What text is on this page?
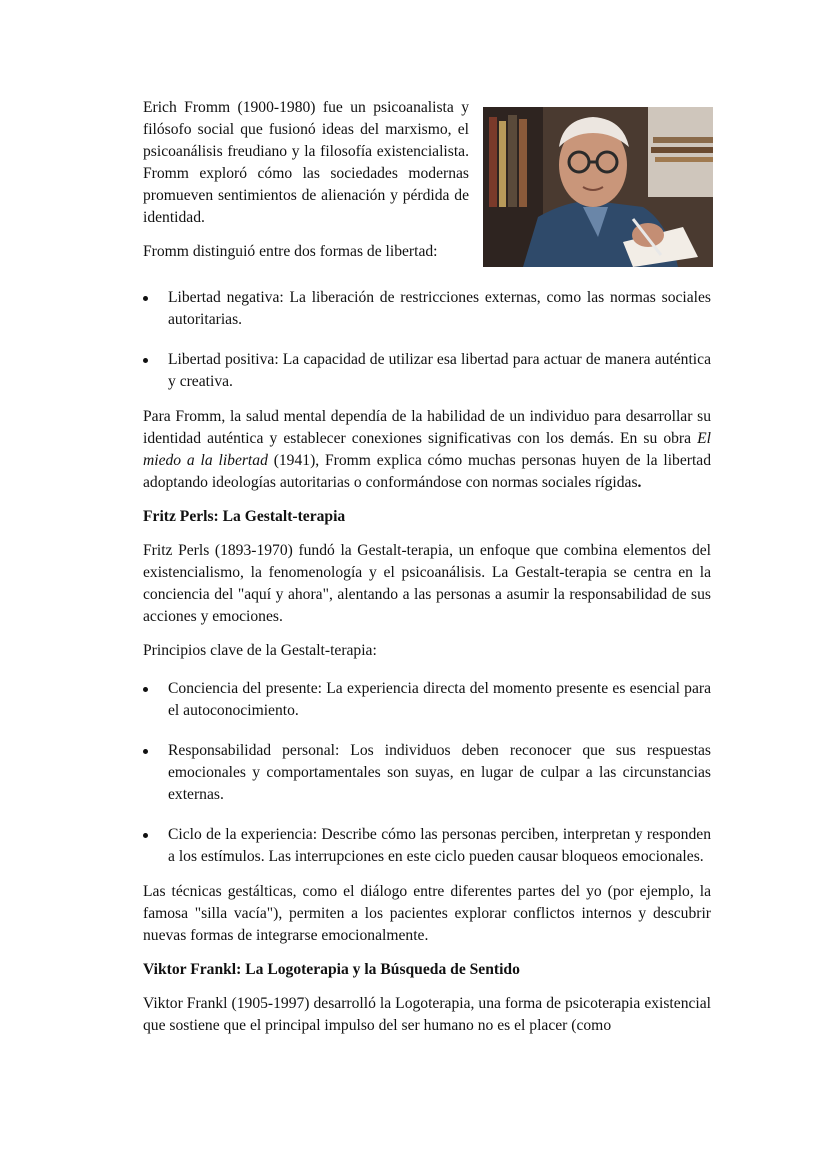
Erich Fromm (1900-1980) fue un psicoanalista y filósofo social que fusionó ideas del marxismo, el psicoanálisis freudiano y la filosofía existencialista. Fromm exploró cómo las sociedades modernas promueven sentimientos de alienación y pérdida de identidad.

Fromm distinguió entre dos formas de libertad:

Libertad negativa: La liberación de restricciones externas, como las normas sociales autoritarias.
Libertad positiva: La capacidad de utilizar esa libertad para actuar de manera auténtica y creativa.

Para Fromm, la salud mental dependía de la habilidad de un individuo para desarrollar su identidad auténtica y establecer conexiones significativas con los demás. En su obra El miedo a la libertad (1941), Fromm explica cómo muchas personas huyen de la libertad adoptando ideologías autoritarias o conformándose con normas sociales rígidas.

Fritz Perls: La Gestalt-terapia

Fritz Perls (1893-1970) fundó la Gestalt-terapia, un enfoque que combina elementos del existencialismo, la fenomenología y el psicoanálisis. La Gestalt-terapia se centra en la conciencia del "aquí y ahora", alentando a las personas a asumir la responsabilidad de sus acciones y emociones.

Principios clave de la Gestalt-terapia:

Conciencia del presente: La experiencia directa del momento presente es esencial para el autoconocimiento.
Responsabilidad personal: Los individuos deben reconocer que sus respuestas emocionales y comportamentales son suyas, en lugar de culpar a las circunstancias externas.
Ciclo de la experiencia: Describe cómo las personas perciben, interpretan y responden a los estímulos. Las interrupciones en este ciclo pueden causar bloqueos emocionales.

Las técnicas gestálticas, como el diálogo entre diferentes partes del yo (por ejemplo, la famosa "silla vacía"), permiten a los pacientes explorar conflictos internos y descubrir nuevas formas de integrarse emocionalmente.

Viktor Frankl: La Logoterapia y la Búsqueda de Sentido

Viktor Frankl (1905-1997) desarrolló la Logoterapia, una forma de psicoterapia existencial que sostiene que el principal impulso del ser humano no es el placer (como
